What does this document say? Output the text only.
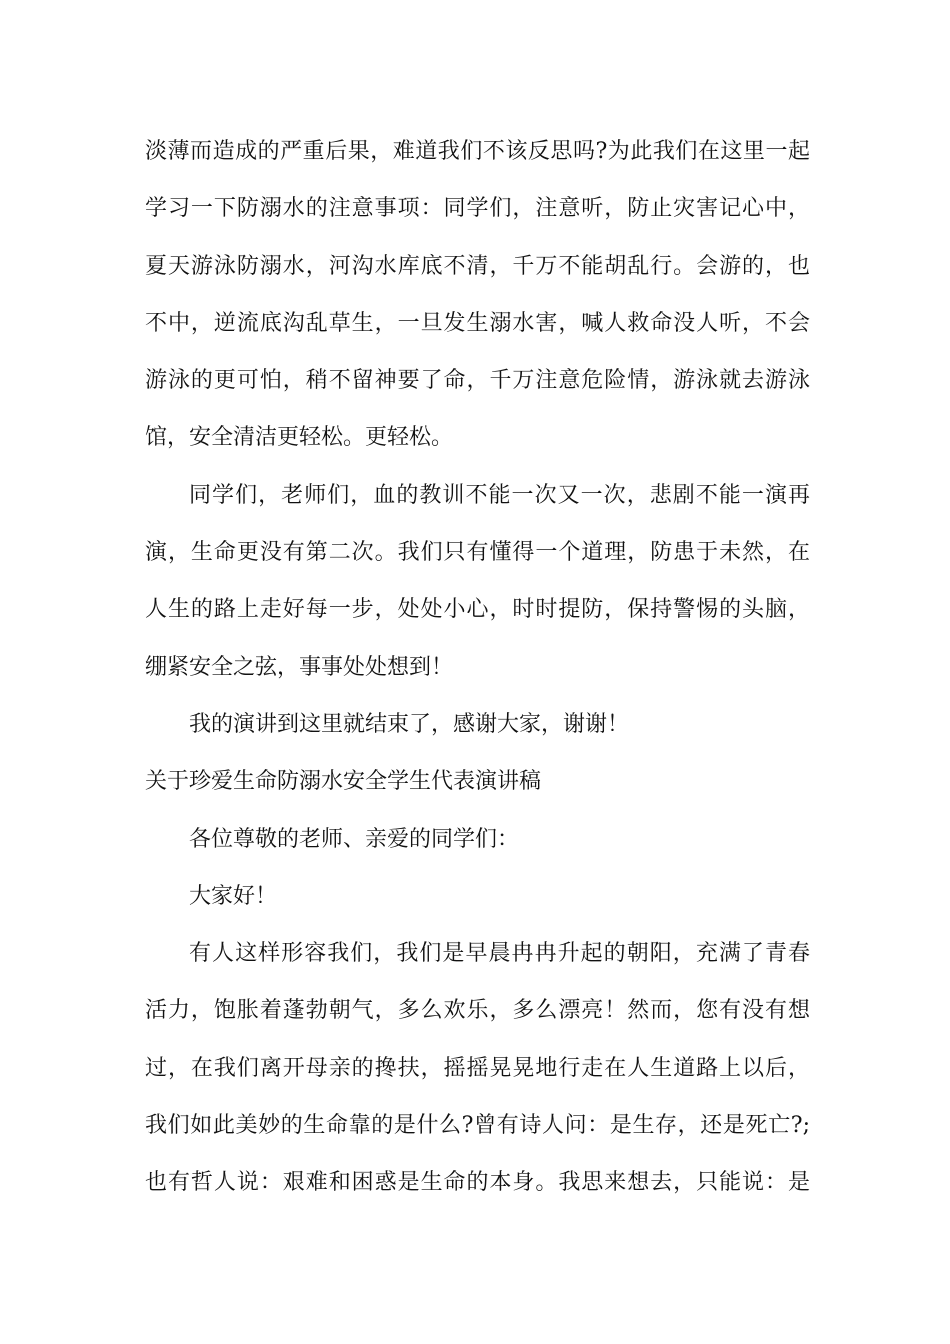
淡薄而造成的严重后果，难道我们不该反思吗?为此我们在这里一起
学习一下防溺水的注意事项：同学们，注意听，防止灾害记心中，
夏天游泳防溺水，河沟水库底不清，千万不能胡乱行。会游的，也
不中，逆流底沟乱草生，一旦发生溺水害，喊人救命没人听，不会
游泳的更可怕，稍不留神要了命，千万注意危险情，游泳就去游泳
馆，安全清洁更轻松。更轻松。
同学们，老师们，血的教训不能一次又一次，悲剧不能一演再
演，生命更没有第二次。我们只有懂得一个道理，防患于未然，在
人生的路上走好每一步，处处小心，时时提防，保持警惕的头脑，
绷紧安全之弦，事事处处想到！
我的演讲到这里就结束了，感谢大家，谢谢！
关于珍爱生命防溺水安全学生代表演讲稿
各位尊敬的老师、亲爱的同学们：
大家好！
有人这样形容我们，我们是早晨冉冉升起的朝阳，充满了青春
活力，饱胀着蓬勃朝气，多么欢乐，多么漂亮！然而，您有没有想
过，在我们离开母亲的搀扶，摇摇晃晃地行走在人生道路上以后，
我们如此美妙的生命靠的是什么?曾有诗人问：是生存，还是死亡?;
也有哲人说：艰难和困惑是生命的本身。我思来想去，只能说：是
